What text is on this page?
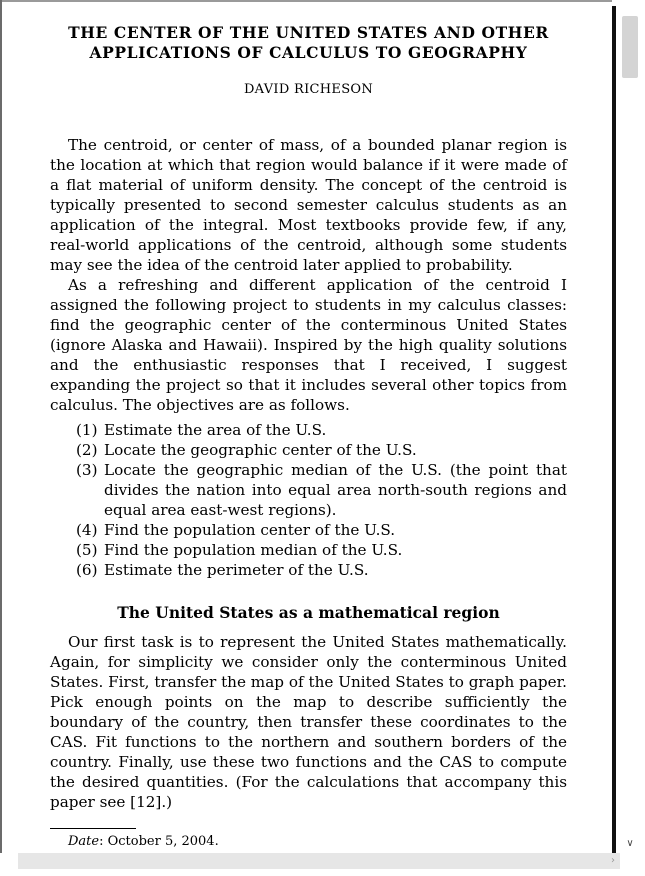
THE CENTER OF THE UNITED STATES AND OTHER
APPLICATIONS OF CALCULUS TO GEOGRAPHY
DAVID RICHESON

The centroid, or center of mass, of a bounded planar region is the location at which that region would balance if it were made of a flat material of uniform density. The concept of the centroid is typically presented to second semester calculus students as an application of the integral. Most textbooks provide few, if any, real-world applications of the centroid, although some students may see the idea of the centroid later applied to probability.

As a refreshing and different application of the centroid I assigned the following project to students in my calculus classes: find the geographic center of the conterminous United States (ignore Alaska and Hawaii). Inspired by the high quality solutions and the enthusiastic responses that I received, I suggest expanding the project so that it includes several other topics from calculus. The objectives are as follows.

(1) Estimate the area of the U.S.
(2) Locate the geographic center of the U.S.
(3) Locate the geographic median of the U.S. (the point that divides the nation into equal area north-south regions and equal area east-west regions).
(4) Find the population center of the U.S.
(5) Find the population median of the U.S.
(6) Estimate the perimeter of the U.S.
The United States as a mathematical region

Our first task is to represent the United States mathematically. Again, for simplicity we consider only the conterminous United States. First, transfer the map of the United States to graph paper. Pick enough points on the map to describe sufficiently the boundary of the country, then transfer these coordinates to the CAS. Fit functions to the northern and southern borders of the country. Finally, use these two functions and the CAS to compute the desired quantities. (For the calculations that accompany this paper see [12].)

Date: October 5, 2004.	∨
›
